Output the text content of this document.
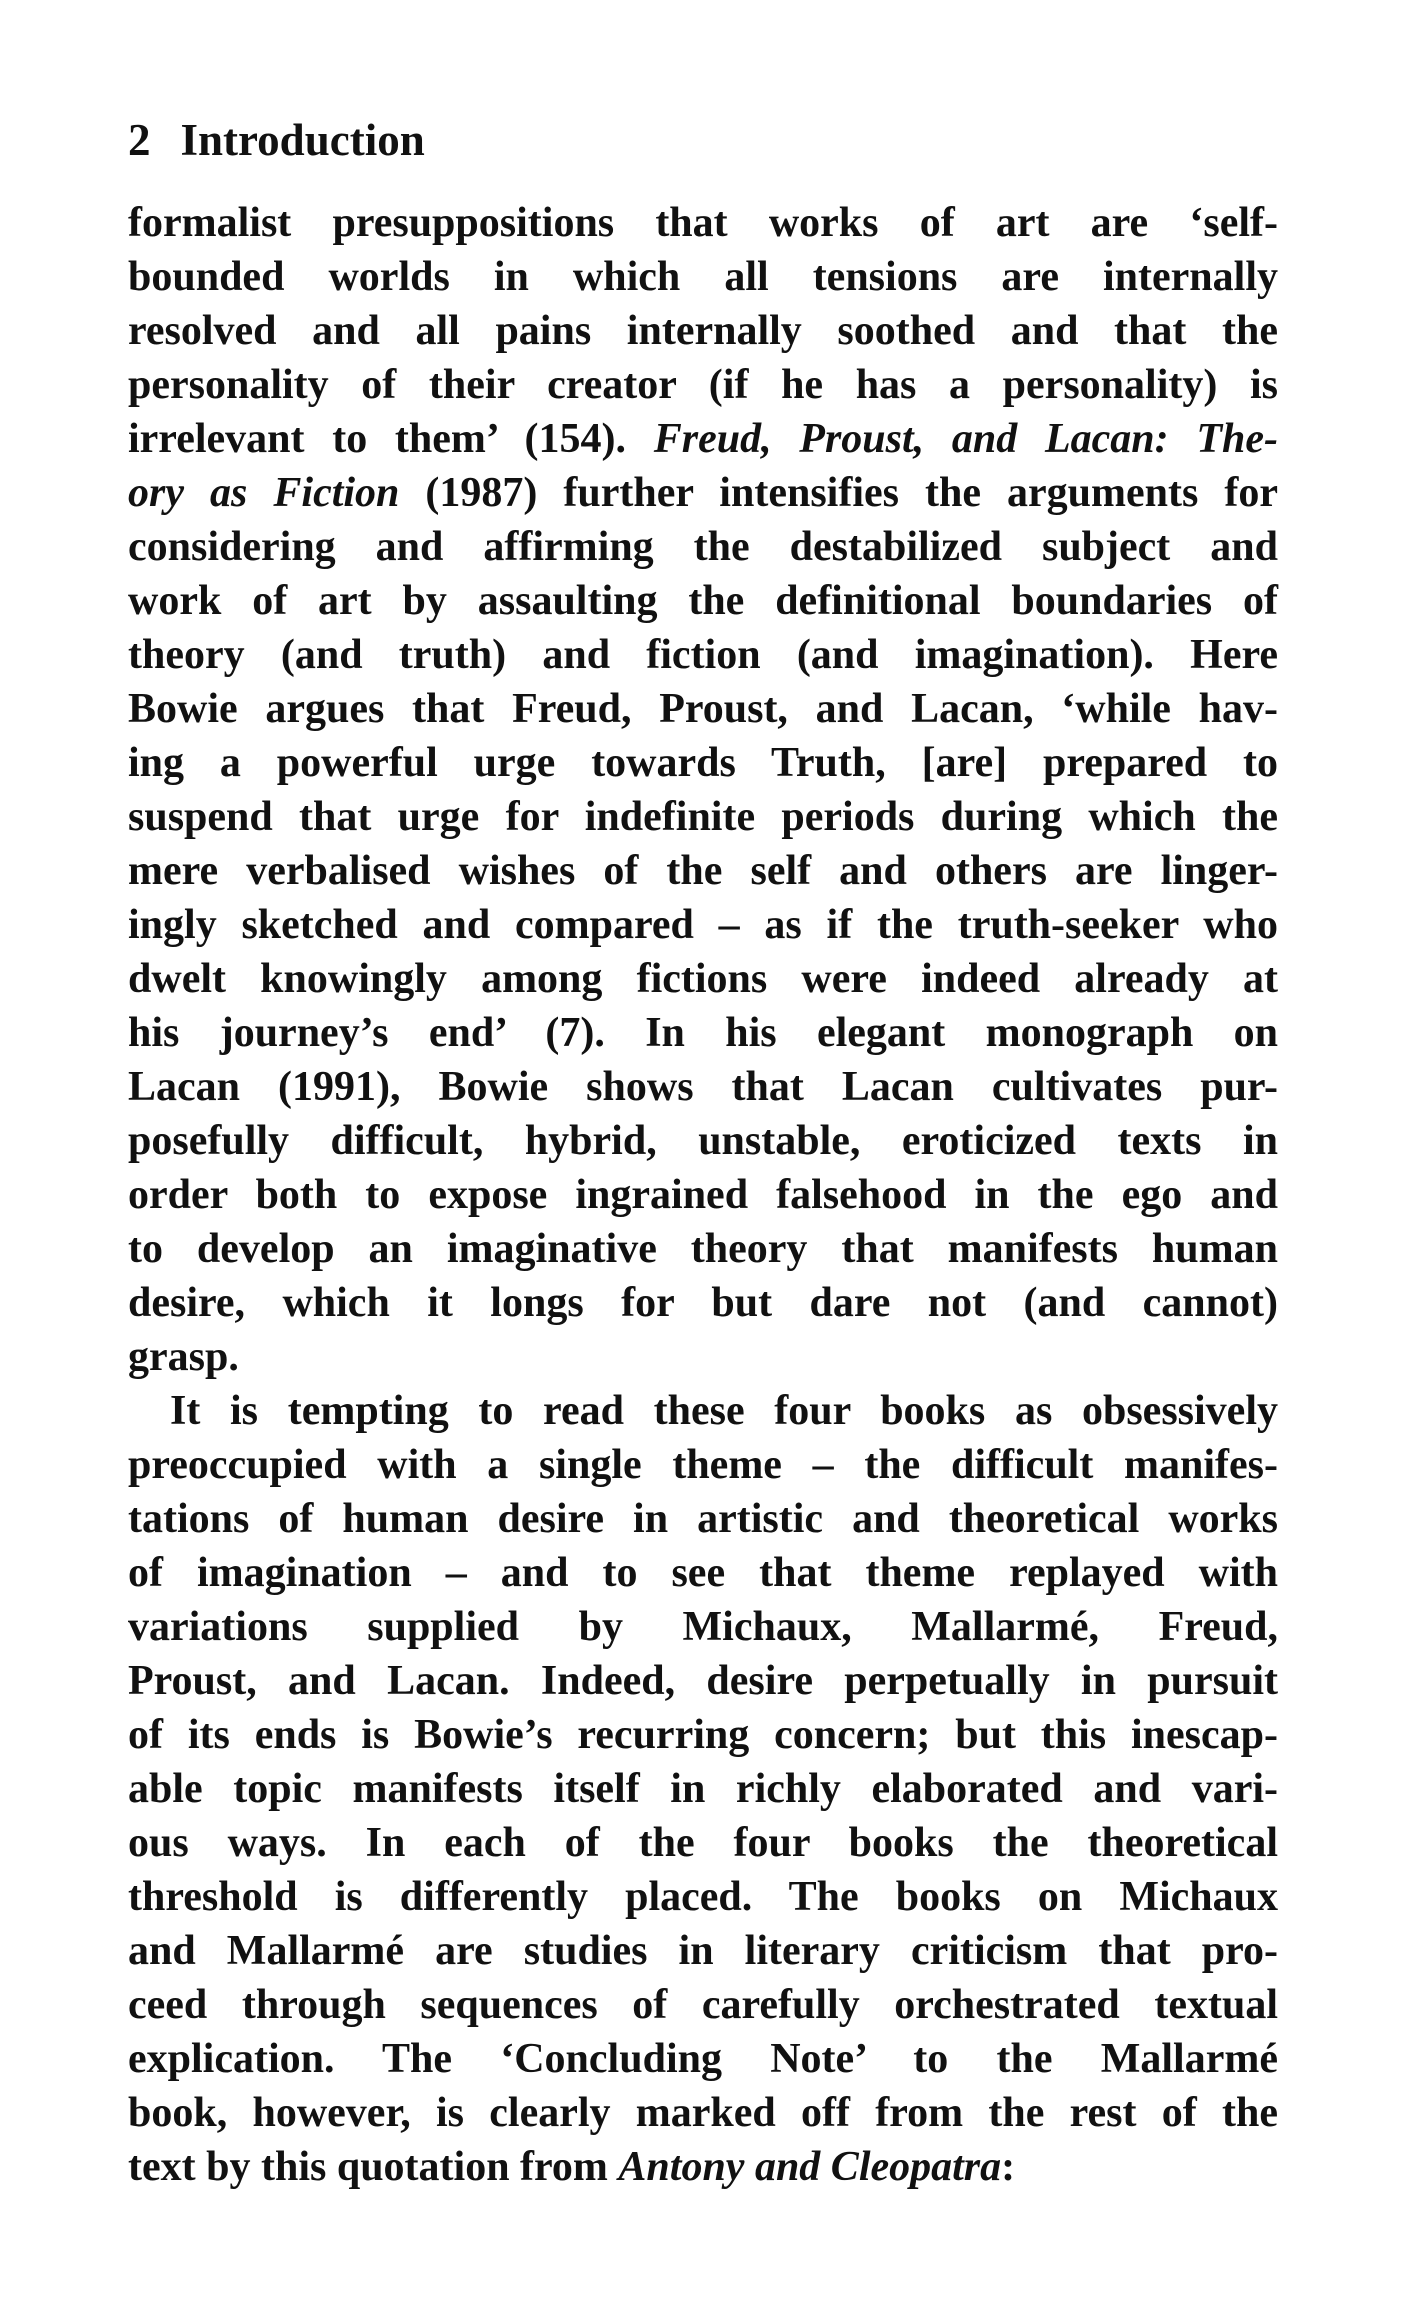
2 Introduction
formalist presuppositions that works of art are ‘self-
bounded worlds in which all tensions are internally
resolved and all pains internally soothed and that the
personality of their creator (if he has a personality) is
irrelevant to them’ (154). Freud, Proust, and Lacan: The-
ory as Fiction (1987) further intensifies the arguments for
considering and affirming the destabilized subject and
work of art by assaulting the definitional boundaries of
theory (and truth) and fiction (and imagination). Here
Bowie argues that Freud, Proust, and Lacan, ‘while hav-
ing a powerful urge towards Truth, [are] prepared to
suspend that urge for indefinite periods during which the
mere verbalised wishes of the self and others are linger-
ingly sketched and compared – as if the truth-seeker who
dwelt knowingly among fictions were indeed already at
his journey’s end’ (7). In his elegant monograph on
Lacan (1991), Bowie shows that Lacan cultivates pur-
posefully difficult, hybrid, unstable, eroticized texts in
order both to expose ingrained falsehood in the ego and
to develop an imaginative theory that manifests human
desire, which it longs for but dare not (and cannot)
grasp.
It is tempting to read these four books as obsessively
preoccupied with a single theme – the difficult manifes-
tations of human desire in artistic and theoretical works
of imagination – and to see that theme replayed with
variations supplied by Michaux, Mallarmé, Freud,
Proust, and Lacan. Indeed, desire perpetually in pursuit
of its ends is Bowie’s recurring concern; but this inescap-
able topic manifests itself in richly elaborated and vari-
ous ways. In each of the four books the theoretical
threshold is differently placed. The books on Michaux
and Mallarmé are studies in literary criticism that pro-
ceed through sequences of carefully orchestrated textual
explication. The ‘Concluding Note’ to the Mallarmé
book, however, is clearly marked off from the rest of the
text by this quotation from Antony and Cleopatra:
